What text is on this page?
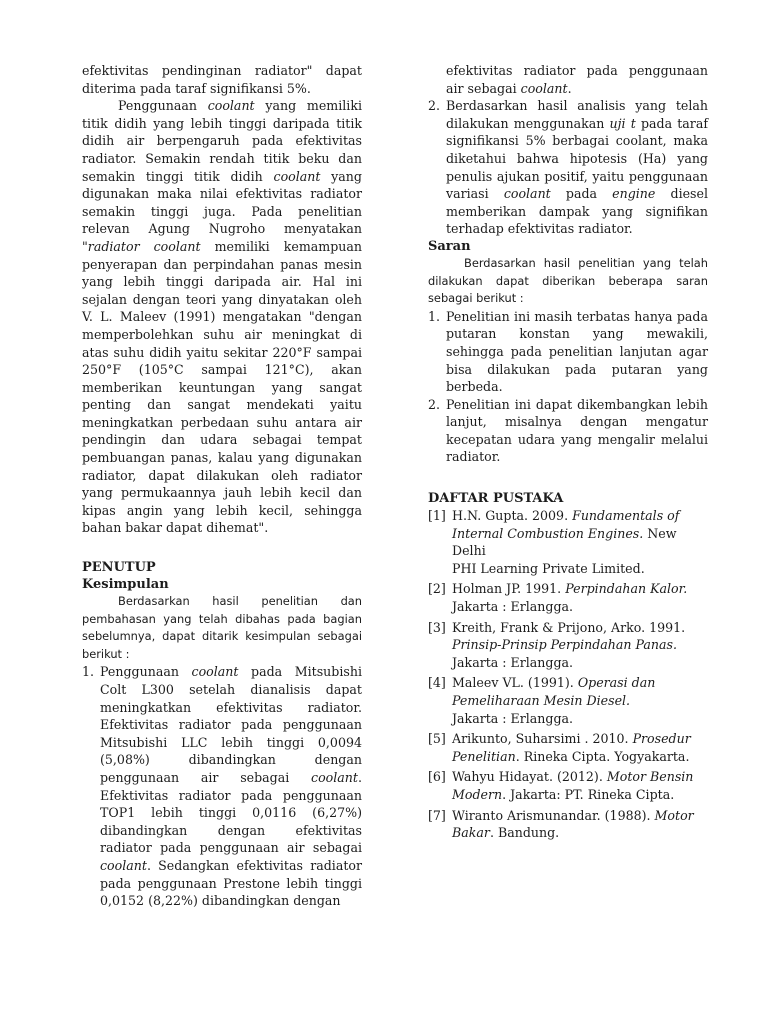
efektivitas pendinginan radiator" dapat diterima pada taraf signifikansi 5%.

Penggunaan coolant yang memiliki titik didih yang lebih tinggi daripada titik didih air berpengaruh pada efektivitas radiator. Semakin rendah titik beku dan semakin tinggi titik didih coolant yang digunakan maka nilai efektivitas radiator semakin tinggi juga. Pada penelitian relevan Agung Nugroho menyatakan "radiator coolant memiliki kemampuan penyerapan dan perpindahan panas mesin yang lebih tinggi daripada air. Hal ini sejalan dengan teori yang dinyatakan oleh V. L. Maleev (1991) mengatakan "dengan memperbolehkan suhu air meningkat di atas suhu didih yaitu sekitar 220°F sampai 250°F (105°C sampai 121°C), akan memberikan keuntungan yang sangat penting dan sangat mendekati yaitu meningkatkan perbedaan suhu antara air pendingin dan udara sebagai tempat pembuangan panas, kalau yang digunakan radiator, dapat dilakukan oleh radiator yang permukaannya jauh lebih kecil dan kipas angin yang lebih kecil, sehingga bahan bakar dapat dihemat".

PENUTUP
Kesimpulan

Berdasarkan hasil penelitian dan pembahasan yang telah dibahas pada bagian sebelumnya, dapat ditarik kesimpulan sebagai berikut :

1. Penggunaan coolant pada Mitsubishi Colt L300 setelah dianalisis dapat meningkatkan efektivitas radiator. Efektivitas radiator pada penggunaan Mitsubishi LLC lebih tinggi 0,0094 (5,08%) dibandingkan dengan penggunaan air sebagai coolant. Efektivitas radiator pada penggunaan TOP1 lebih tinggi 0,0116 (6,27%) dibandingkan dengan efektivitas radiator pada penggunaan air sebagai coolant. Sedangkan efektivitas radiator pada penggunaan Prestone lebih tinggi 0,0152 (8,22%) dibandingkan dengan

efektivitas radiator pada penggunaan air sebagai coolant.

2. Berdasarkan hasil analisis yang telah dilakukan menggunakan uji t pada taraf signifikansi 5% berbagai coolant, maka diketahui bahwa hipotesis (Ha) yang penulis ajukan positif, yaitu penggunaan variasi coolant pada engine diesel memberikan dampak yang signifikan terhadap efektivitas radiator.

Saran

Berdasarkan hasil penelitian yang telah dilakukan dapat diberikan beberapa saran sebagai berikut :

1. Penelitian ini masih terbatas hanya pada putaran konstan yang mewakili, sehingga pada penelitian lanjutan agar bisa dilakukan pada putaran yang berbeda.

2. Penelitian ini dapat dikembangkan lebih lanjut, misalnya dengan mengatur kecepatan udara yang mengalir melalui radiator.

DAFTAR PUSTAKA
[1] H.N. Gupta. 2009. Fundamentals of Internal Combustion Engines. New Delhi

PHI Learning Private Limited.

[2] Holman JP. 1991. Perpindahan Kalor.

Jakarta : Erlangga.

[3] Kreith, Frank & Prijono, Arko. 1991. Prinsip-Prinsip Perpindahan Panas.

Jakarta : Erlangga.

[4] Maleev VL. (1991). Operasi dan Pemeliharaan Mesin Diesel.

Jakarta : Erlangga.

[5] Arikunto, Suharsimi . 2010. Prosedur Penelitian. Rineka Cipta. Yogyakarta.

[6] Wahyu Hidayat. (2012). Motor Bensin Modern. Jakarta: PT. Rineka Cipta.

[7] Wiranto Arismunandar. (1988). Motor Bakar. Bandung.
